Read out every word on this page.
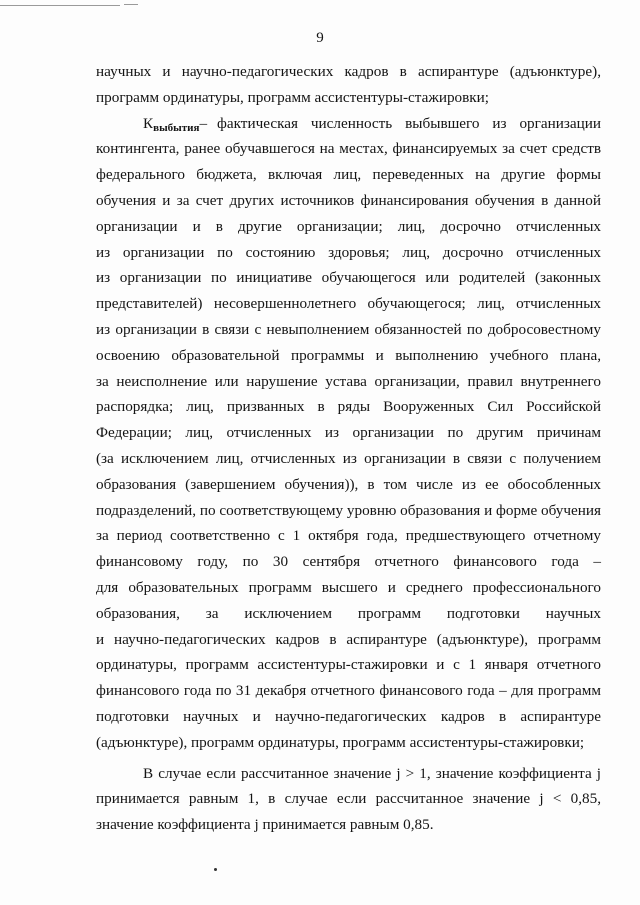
9
научных и научно-педагогических кадров в аспирантуре (адъюнктуре),
программ ординатуры, программ ассистентуры-стажировки;
Квыбытия– фактическая численность выбывшего из организации
контингента, ранее обучавшегося на местах, финансируемых за счет средств
федерального бюджета, включая лиц, переведенных на другие формы
обучения и за счет других источников финансирования обучения в данной
организации и в другие организации; лиц, досрочно отчисленных
из организации по состоянию здоровья; лиц, досрочно отчисленных
из организации по инициативе обучающегося или родителей (законных
представителей) несовершеннолетнего обучающегося; лиц, отчисленных
из организации в связи с невыполнением обязанностей по добросовестному
освоению образовательной программы и выполнению учебного плана,
за неисполнение или нарушение устава организации, правил внутреннего
распорядка; лиц, призванных в ряды Вооруженных Сил Российской
Федерации; лиц, отчисленных из организации по другим причинам
(за исключением лиц, отчисленных из организации в связи с получением
образования (завершением обучения)), в том числе из ее обособленных
подразделений, по соответствующему уровню образования и форме обучения
за период соответственно с 1 октября года, предшествующего отчетному
финансовому году, по 30 сентября отчетного финансового года –
для образовательных программ высшего и среднего профессионального
образования, за исключением программ подготовки научных
и научно-педагогических кадров в аспирантуре (адъюнктуре), программ
ординатуры, программ ассистентуры-стажировки и с 1 января отчетного
финансового года по 31 декабря отчетного финансового года – для программ
подготовки научных и научно-педагогических кадров в аспирантуре
(адъюнктуре), программ ординатуры, программ ассистентуры-стажировки;
В случае если рассчитанное значение j > 1, значение коэффициента j
принимается равным 1, в случае если рассчитанное значение j < 0,85,
значение коэффициента j принимается равным 0,85.
